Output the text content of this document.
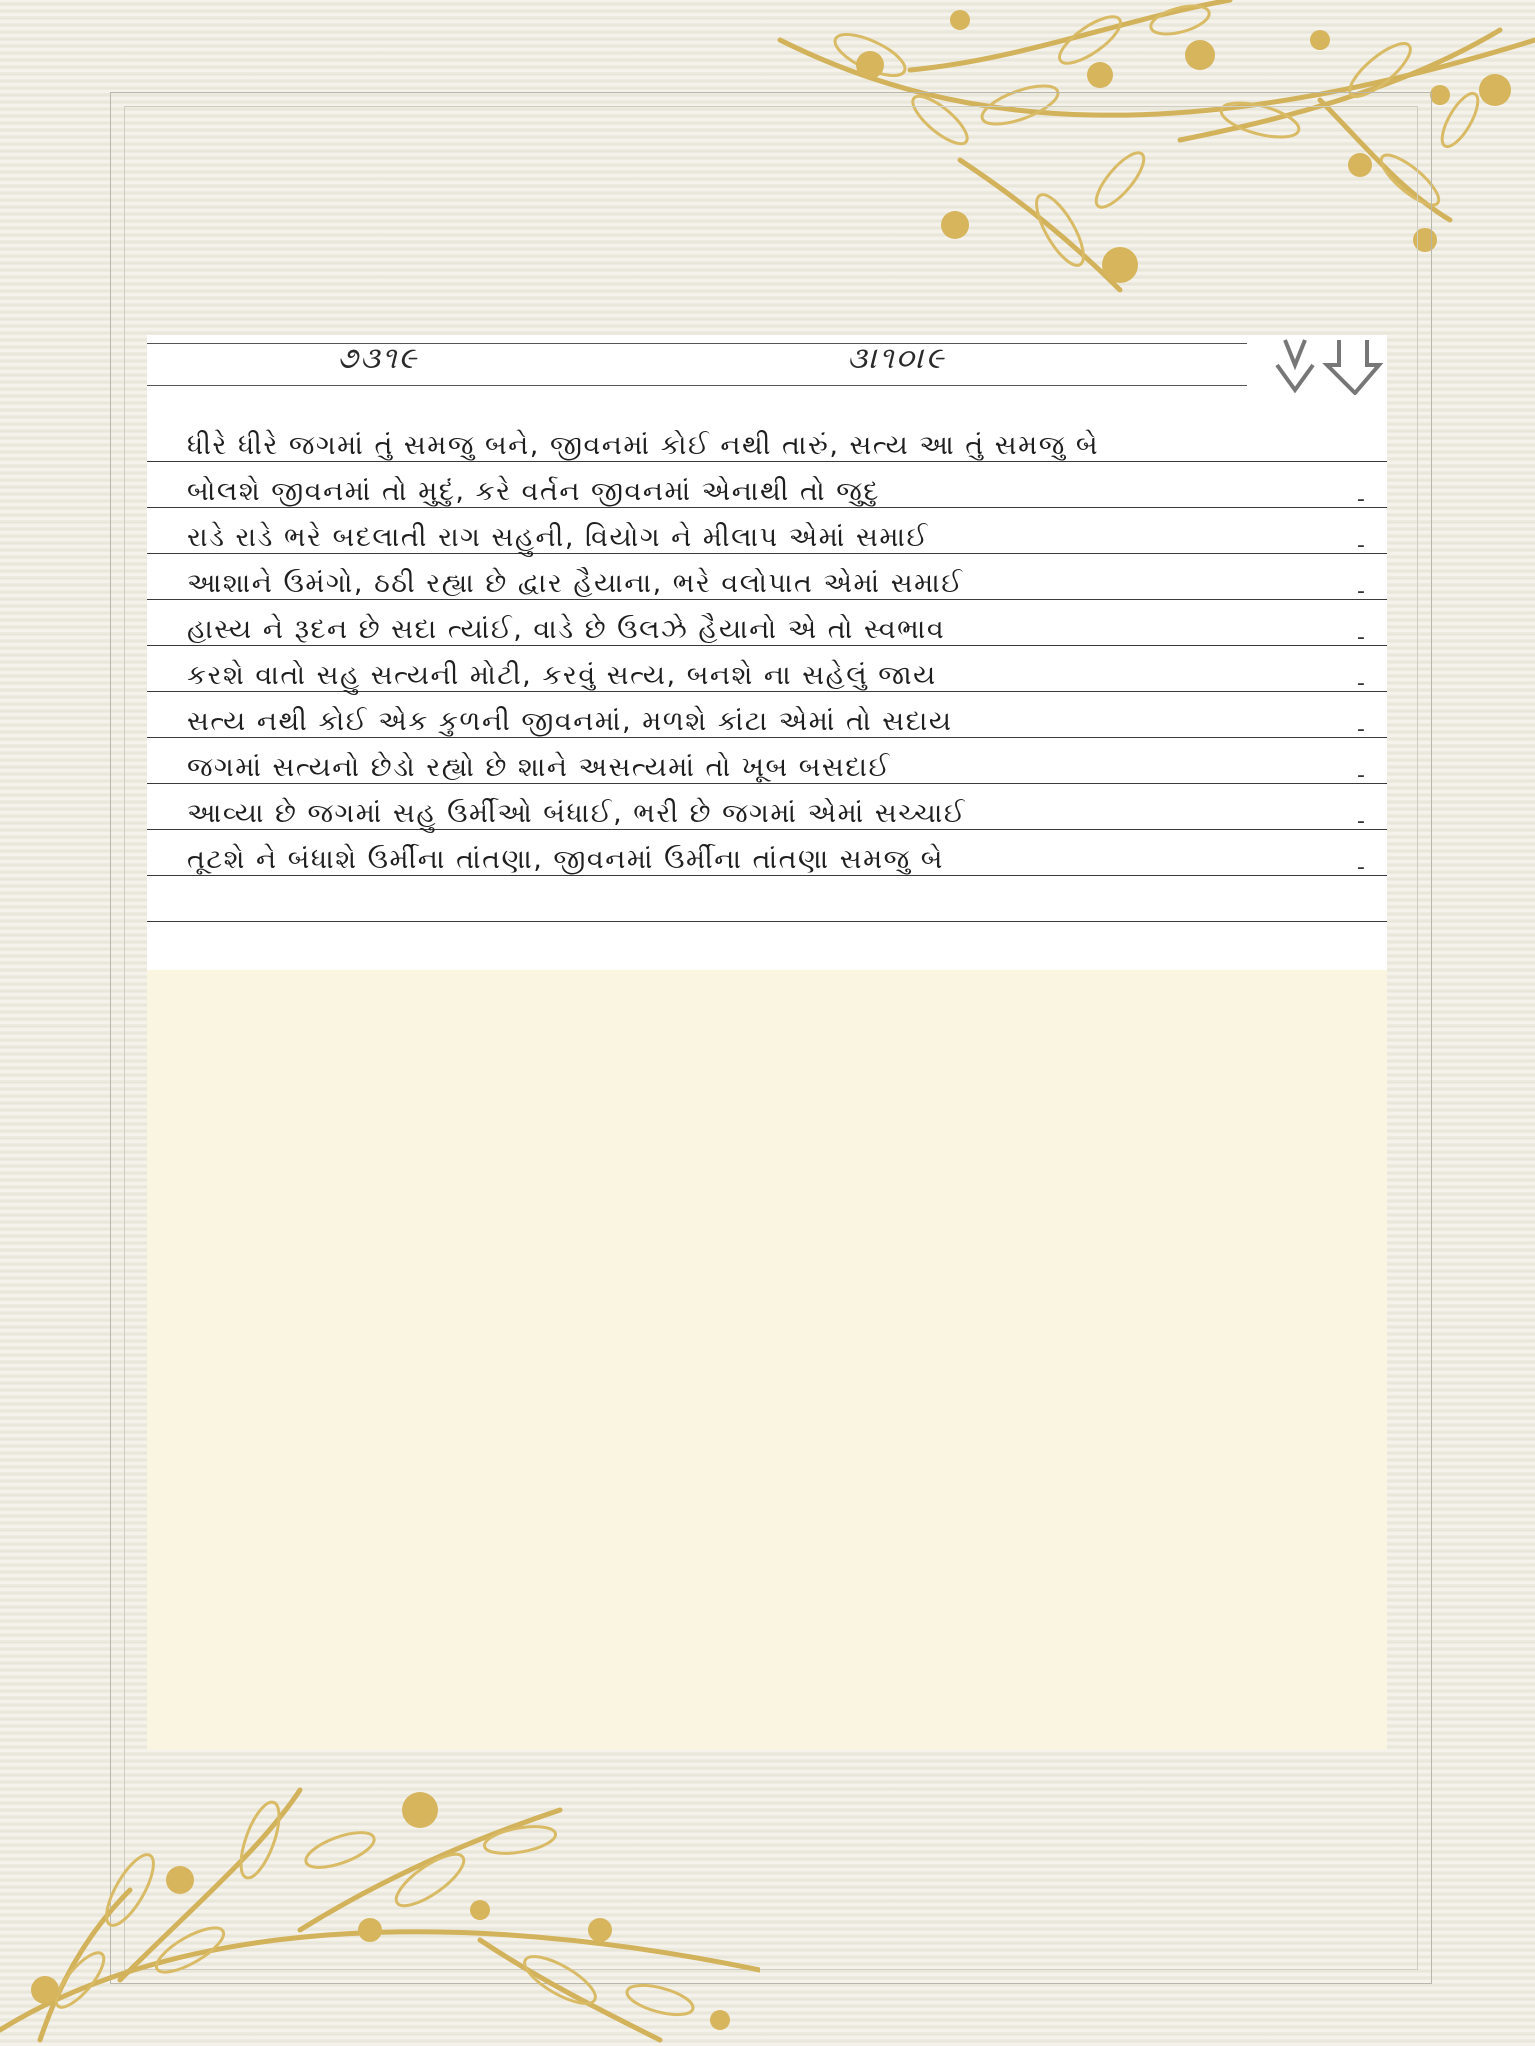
૭૩૧૯	૩।૧૦।૯
ધીરે ધીરે જગમાં તું સમજુ બને, જીવનમાં કોઈ નથી તારું, સત્ય આ તું સમજુ બે
બોલશે જીવનમાં તો મુદું, કરે વર્તન જીવનમાં એનાથી તો જુદુ
રાડે રાડે ભરે બદલાતી રાગ સહુની, વિયોગ ને મીલાપ એમાં સમાઈ
આશાને ઉમંગો, ઠઠી રહ્યા છે દ્વાર હૈયાના, ભરે વલોપાત એમાં સમાઈ
હાસ્ય ને રૂદન છે સદા ત્યાંઈ, વાડે છે ઉલઝે હૈયાનો એ તો સ્વભાવ
કરશે વાતો સહુ સત્યની મોટી, કરવું સત્ય, બનશે ના સહેલું જાય
સત્ય નથી કોઈ એક કુળની જીવનમાં, મળશે કાંટા એમાં તો સદાય
જગમાં સત્યનો છેડો રહ્યો છે શાને અસત્યમાં તો ખૂબ બસદાઈ
આવ્યા છે જગમાં સહુ ઉર્મીઓ બંધાઈ, ભરી છે જગમાં એમાં સચ્ચાઈ
તૂટશે ને બંધાશે ઉર્મીના તાંતણા, જીવનમાં ઉર્મીના તાંતણા સમજુ બે
-
-
-
-
-
-
-
-
-
